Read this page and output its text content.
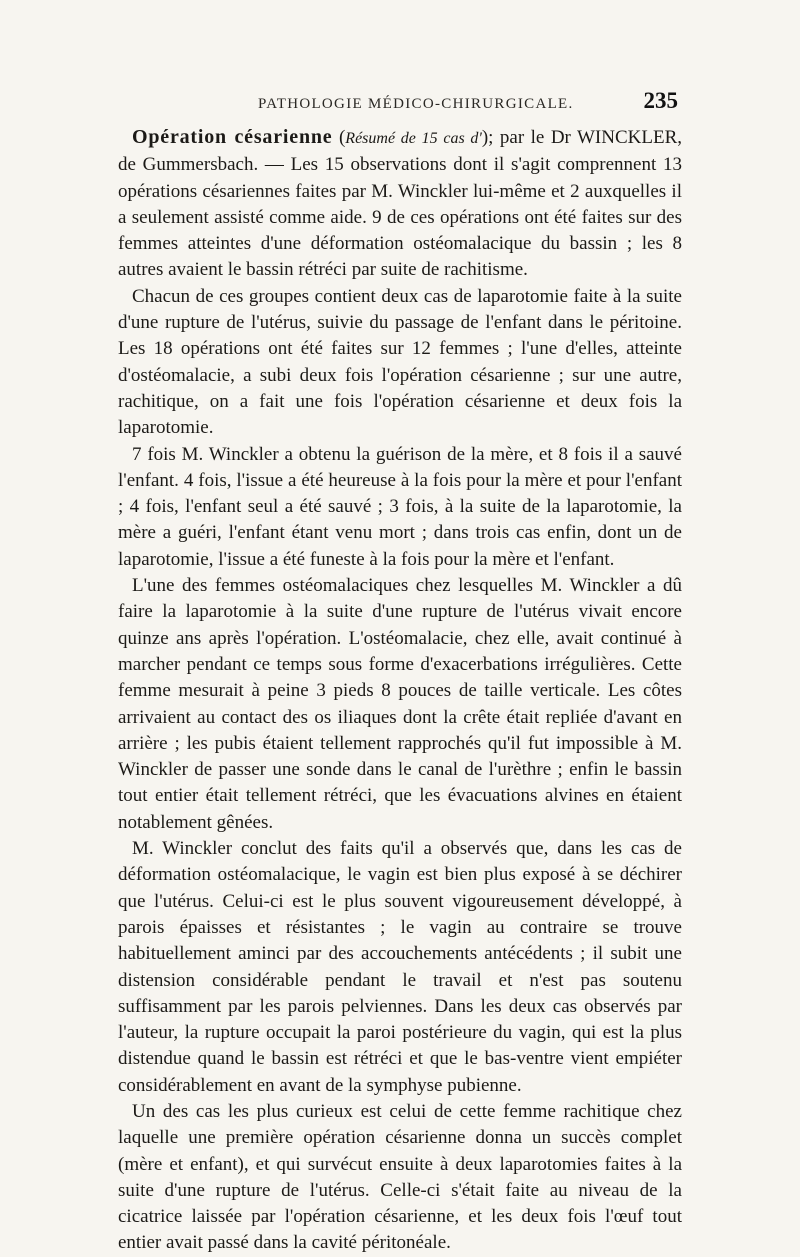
PATHOLOGIE MÉDICO-CHIRURGICALE.	235

Opération césarienne (Résumé de 15 cas d'); par le Dr WINCKLER, de Gummersbach. — Les 15 observations dont il s'agit comprennent 13 opérations césariennes faites par M. Winckler lui-même et 2 auxquelles il a seulement assisté comme aide. 9 de ces opérations ont été faites sur des femmes atteintes d'une déformation ostéomalacique du bassin ; les 8 autres avaient le bassin rétréci par suite de rachitisme.

Chacun de ces groupes contient deux cas de laparotomie faite à la suite d'une rupture de l'utérus, suivie du passage de l'enfant dans le péritoine. Les 18 opérations ont été faites sur 12 femmes ; l'une d'elles, atteinte d'ostéomalacie, a subi deux fois l'opération césarienne ; sur une autre, rachitique, on a fait une fois l'opération césarienne et deux fois la laparotomie.

7 fois M. Winckler a obtenu la guérison de la mère, et 8 fois il a sauvé l'enfant. 4 fois, l'issue a été heureuse à la fois pour la mère et pour l'enfant ; 4 fois, l'enfant seul a été sauvé ; 3 fois, à la suite de la laparotomie, la mère a guéri, l'enfant étant venu mort ; dans trois cas enfin, dont un de laparotomie, l'issue a été funeste à la fois pour la mère et l'enfant.

L'une des femmes ostéomalaciques chez lesquelles M. Winckler a dû faire la laparotomie à la suite d'une rupture de l'utérus vivait encore quinze ans après l'opération. L'ostéomalacie, chez elle, avait continué à marcher pendant ce temps sous forme d'exacerbations irrégulières. Cette femme mesurait à peine 3 pieds 8 pouces de taille verticale. Les côtes arrivaient au contact des os iliaques dont la crête était repliée d'avant en arrière ; les pubis étaient tellement rapprochés qu'il fut impossible à M. Winckler de passer une sonde dans le canal de l'urèthre ; enfin le bassin tout entier était tellement rétréci, que les évacuations alvines en étaient notablement gênées.

M. Winckler conclut des faits qu'il a observés que, dans les cas de déformation ostéomalacique, le vagin est bien plus exposé à se déchirer que l'utérus. Celui-ci est le plus souvent vigoureusement développé, à parois épaisses et résistantes ; le vagin au contraire se trouve habituellement aminci par des accouchements antécédents ; il subit une distension considérable pendant le travail et n'est pas soutenu suffisamment par les parois pelviennes. Dans les deux cas observés par l'auteur, la rupture occupait la paroi postérieure du vagin, qui est la plus distendue quand le bassin est rétréci et que le bas-ventre vient empiéter considérablement en avant de la symphyse pubienne.

Un des cas les plus curieux est celui de cette femme rachitique chez laquelle une première opération césarienne donna un succès complet (mère et enfant), et qui survécut ensuite à deux laparotomies faites à la suite d'une rupture de l'utérus. Celle-ci s'était faite au niveau de la cicatrice laissée par l'opération césarienne, et les deux fois l'œuf tout entier avait passé dans la cavité péritonéale.
